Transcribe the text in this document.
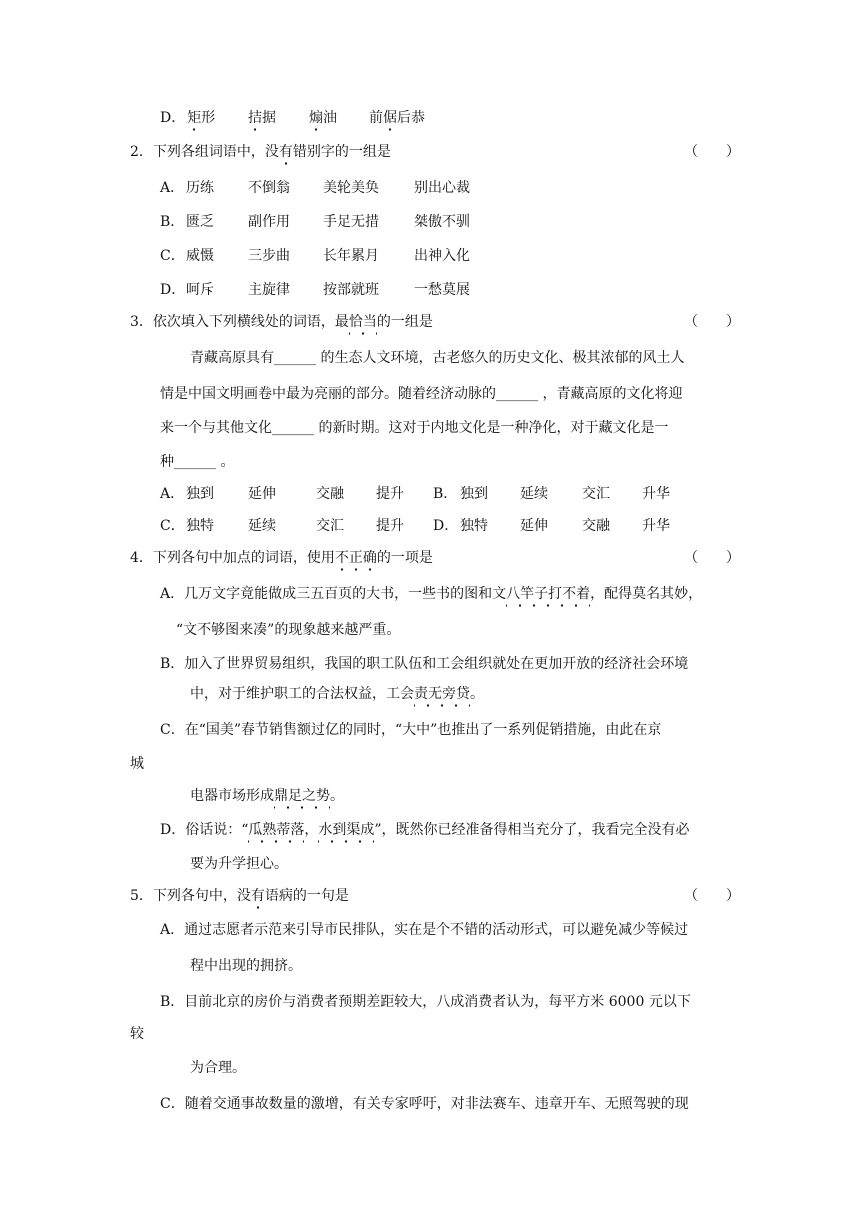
D． 矩形 拮据 煽油 前倨后恭
2．下列各组词语中，没有错别字的一组是	（　　）
A． 历练 不倒翁 美轮美奂	别出心裁
B． 匮乏 副作用 手足无措	桀傲不驯
C． 威慑 三步曲 长年累月	出神入化
D． 呵斥 主旋律 按部就班	一愁莫展
3．依次填入下列横线处的词语，最恰当的一组是	（　　）
青藏高原具有______ 的生态人文环境，古老悠久的历史文化、极其浓郁的风土人
情是中国文明画卷中最为亮丽的部分。随着经济动脉的______ ，青藏高原的文化将迎
来一个与其他文化______ 的新时期。这对于内地文化是一种净化，对于藏文化是一
种______ 。
A． 独到 延伸	交融 提升 B． 独到 延续 交汇 升华
C． 独特 延续	交汇 提升 D． 独特 延伸 交融 升华
4．下列各句中加点的词语，使用不正确的一项是	（　　）
A．几万文字竟能做成三五百页的大书，一些书的图和文八竿子打不着，配得莫名其妙，
“文不够图来凑”的现象越来越严重。
B．加入了世界贸易组织，我国的职工队伍和工会组织就处在更加开放的经济社会环境
中，对于维护职工的合法权益，工会责无旁贷。
C．在“国美”春节销售额过亿的同时，“大中”也推出了一系列促销措施，由此在京
城
电器市场形成鼎足之势。
D．俗话说：“瓜熟蒂落，水到渠成”，既然你已经准备得相当充分了，我看完全没有必
要为升学担心。
5．下列各句中，没有语病的一句是	（　　）
A．通过志愿者示范来引导市民排队，实在是个不错的活动形式，可以避免减少等候过
程中出现的拥挤。
B．目前北京的房价与消费者预期差距较大，八成消费者认为，每平方米 6000 元以下
较
为合理。
C．随着交通事故数量的激增，有关专家呼吁，对非法赛车、违章开车、无照驾驶的现
